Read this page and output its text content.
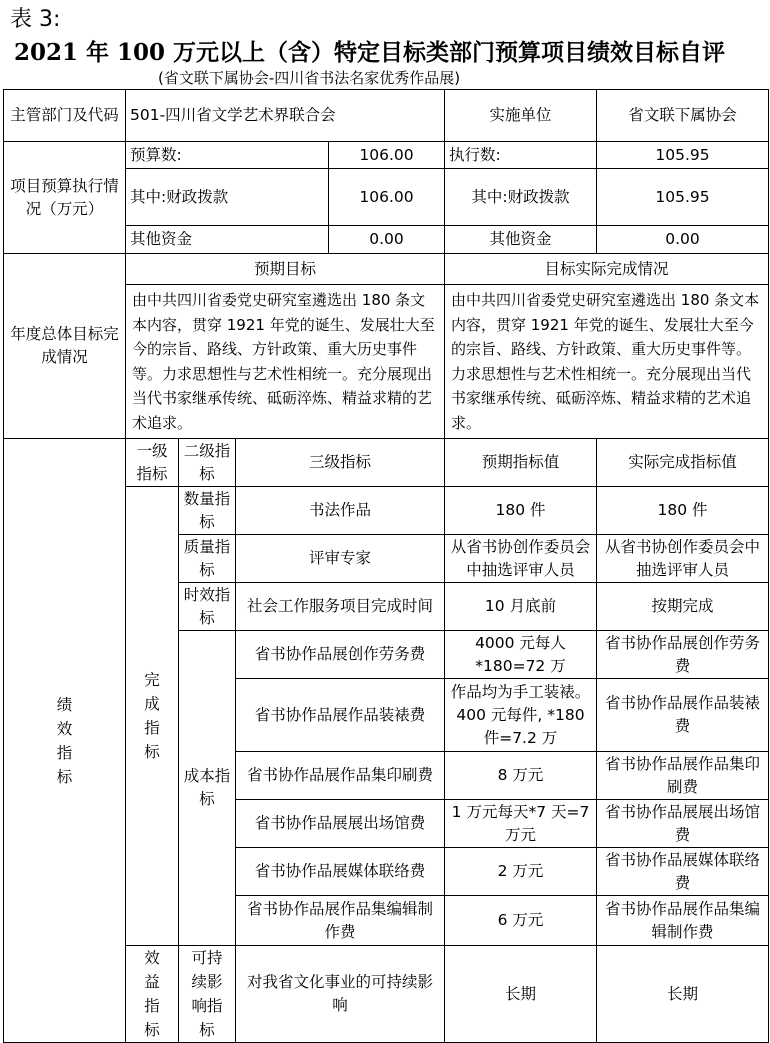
表 3:
2021 年 100 万元以上（含）特定目标类部门预算项目绩效目标自评
(省文联下属协会-四川省书法名家优秀作品展)
主管部门及代码	501-四川省文学艺术界联合会				实施单位	省文联下属协会
项目预算执行情况（万元）	预算数:			106.00	执行数:	105.95
	其中:财政拨款			106.00	其中:财政拨款	105.95
	其他资金			0.00	其他资金	0.00
年度总体目标完成情况	预期目标				目标实际完成情况	
	由中共四川省委党史研究室遴选出 180 条文本内容，贯穿 1921 年党的诞生、发展壮大至今的宗旨、路线、方针政策、重大历史事件等。力求思想性与艺术性相统一。充分展现出当代书家继承传统、砥砺淬炼、精益求精的艺术追求。				由中共四川省委党史研究室遴选出 180 条文本内容，贯穿 1921 年党的诞生、发展壮大至今的宗旨、路线、方针政策、重大历史事件等。力求思想性与艺术性相统一。充分展现出当代书家继承传统、砥砺淬炼、精益求精的艺术追求。	

绩效指标	一级指标	二级指标	三级指标		预期指标值	实际完成指标值

	完成指标	数量指标	书法作品		180 件	180 件
		质量指标	评审专家		从省书协创作委员会中抽选评审人员	从省书协创作委员会中抽选评审人员
		时效指标	社会工作服务项目完成时间		10 月底前	按期完成
		成本指标	省书协作品展创作劳务费		4000 元每人*180=72 万	省书协作品展创作劳务费
			省书协作品展作品装裱费		作品均为手工装裱。400 元每件, *180 件=7.2 万	省书协作品展作品装裱费
			省书协作品展作品集印刷费		8 万元	省书协作品展作品集印刷费
			省书协作品展展出场馆费		1 万元每天*7 天=7 万元	省书协作品展展出场馆费
			省书协作品展媒体联络费		2 万元	省书协作品展媒体联络费
			省书协作品展作品集编辑制作费		6 万元	省书协作品展作品集编辑制作费

	效益指标	可持续影响指标	对我省文化事业的可持续影响		长期	长期
